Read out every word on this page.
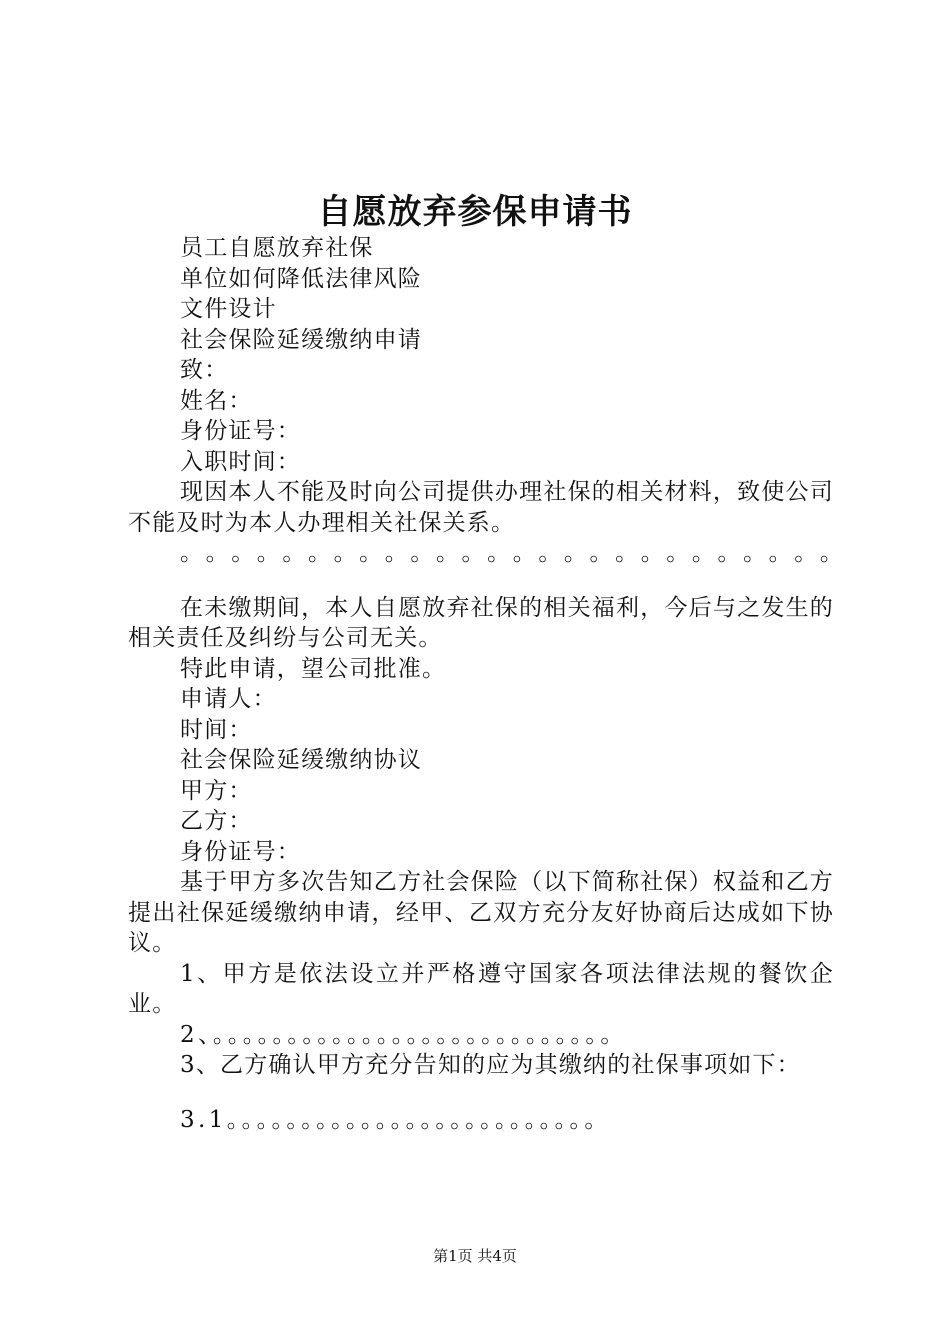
自愿放弃参保申请书
员工自愿放弃社保
单位如何降低法律风险
文件设计
社会保险延缓缴纳申请
致：
姓名：
身份证号：
入职时间：
现因本人不能及时向公司提供办理社保的相关材料，致使公司不能及时为本人办理相关社保关系。
。 。 。 。 。 。 。 。 。 。 。 。 。 。 。 。 。 。 。 。 。 。 。 。 。 。
在未缴期间，本人自愿放弃社保的相关福利，今后与之发生的相关责任及纠纷与公司无关。
特此申请，望公司批准。
申请人：
时间：
社会保险延缓缴纳协议
甲方：
乙方：
身份证号：
基于甲方多次告知乙方社会保险（以下简称社保）权益和乙方提出社保延缓缴纳申请，经甲、乙双方充分友好协商后达成如下协议。
1、甲方是依法设立并严格遵守国家各项法律法规的餐饮企业。
2、。。。。。。。。。。。。。。。。。。。。。。。。。。。
3、乙方确认甲方充分告知的应为其缴纳的社保事项如下：
3.1。。。。。。。。。。。。。。。。。。。。。。。。。
第1页 共4页
